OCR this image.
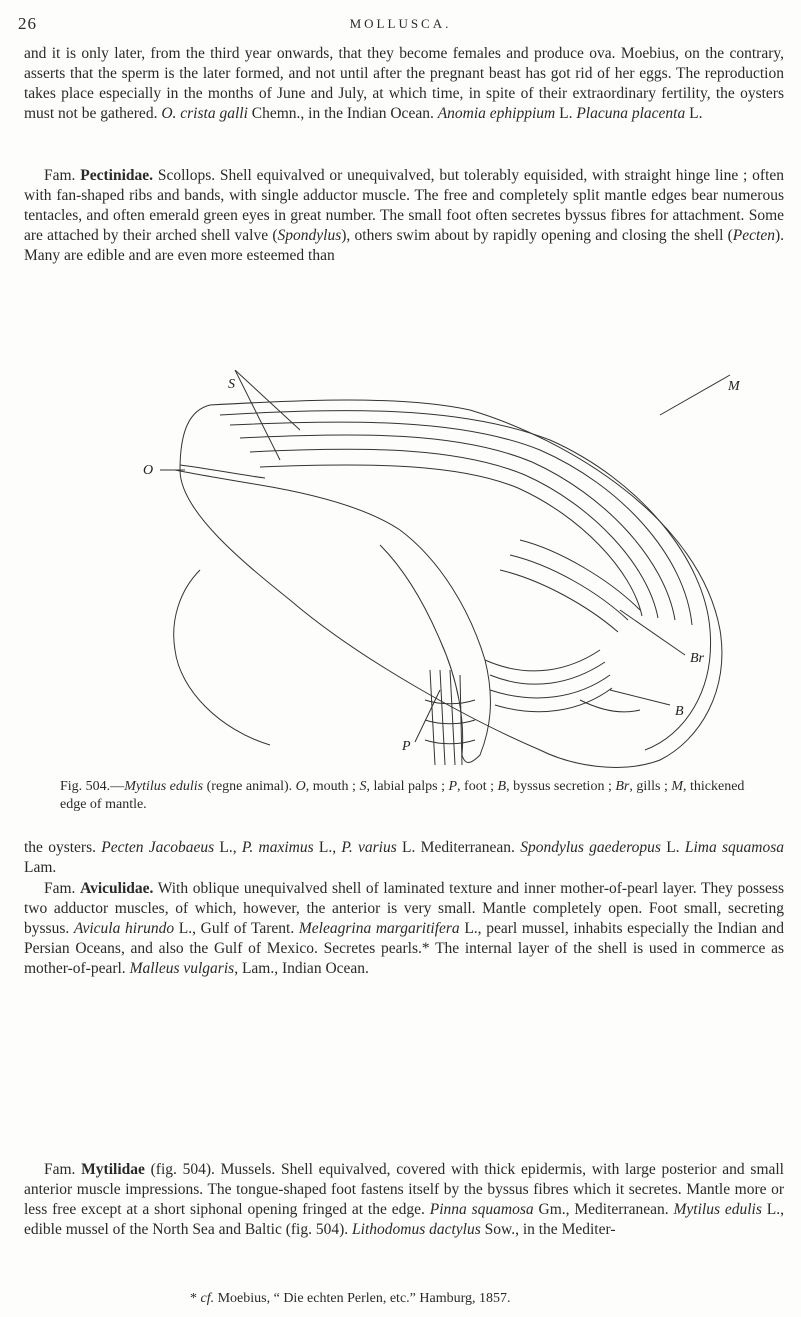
26	MOLLUSCA.

and it is only later, from the third year onwards, that they become females and produce ova. Moebius, on the contrary, asserts that the sperm is the later formed, and not until after the pregnant beast has got rid of her eggs. The reproduction takes place especially in the months of June and July, at which time, in spite of their extraordinary fertility, the oysters must not be gathered. O. crista galli Chemn., in the Indian Ocean. Anomia ephippium L. Placuna placenta L.

Fam. Pectinidae. Scollops. Shell equivalved or unequivalved, but tolerably equisided, with straight hinge line ; often with fan-shaped ribs and bands, with single adductor muscle. The free and completely split mantle edges bear numerous tentacles, and often emerald green eyes in great number. The small foot often secretes byssus fibres for attachment. Some are attached by their arched shell valve (Spondylus), others swim about by rapidly opening and closing the shell (Pecten). Many are edible and are even more esteemed than

S	M
O
Br
B
P
Fig. 504.—Mytilus edulis (regne animal). O, mouth ; S, labial palps ; P, foot ; B, byssus secretion ; Br, gills ; M, thickened edge of mantle.

the oysters. Pecten Jacobaeus L., P. maximus L., P. varius L. Mediterranean. Spondylus gaederopus L. Lima squamosa Lam.

Fam. Aviculidae. With oblique unequivalved shell of laminated texture and inner mother-of-pearl layer. They possess two adductor muscles, of which, however, the anterior is very small. Mantle completely open. Foot small, secreting byssus. Avicula hirundo L., Gulf of Tarent. Meleagrina margaritifera L., pearl mussel, inhabits especially the Indian and Persian Oceans, and also the Gulf of Mexico. Secretes pearls.* The internal layer of the shell is used in commerce as mother-of-pearl. Malleus vulgaris, Lam., Indian Ocean.

Fam. Mytilidae (fig. 504). Mussels. Shell equivalved, covered with thick epidermis, with large posterior and small anterior muscle impressions. The tongue-shaped foot fastens itself by the byssus fibres which it secretes. Mantle more or less free except at a short siphonal opening fringed at the edge. Pinna squamosa Gm., Mediterranean. Mytilus edulis L., edible mussel of the North Sea and Baltic (fig. 504). Lithodomus dactylus Sow., in the Mediter-

* cf. Moebius, “ Die echten Perlen, etc.” Hamburg, 1857.
